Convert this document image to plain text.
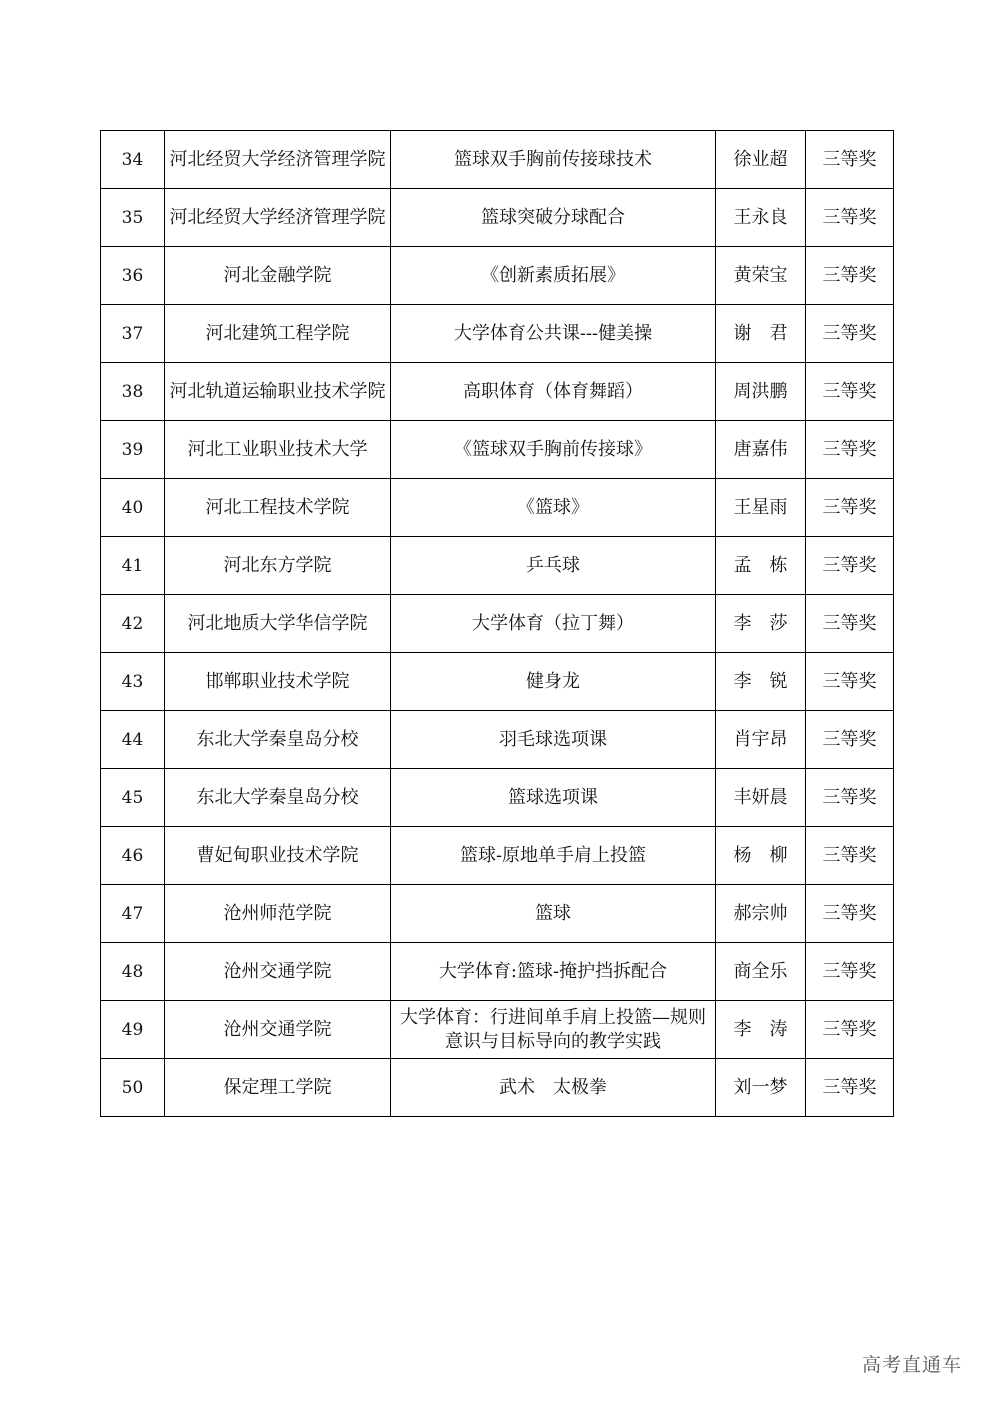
34	河北经贸大学经济管理学院	篮球双手胸前传接球技术	徐业超	三等奖
35	河北经贸大学经济管理学院	篮球突破分球配合	王永良	三等奖
36	河北金融学院	《创新素质拓展》	黄荣宝	三等奖
37	河北建筑工程学院	大学体育公共课---健美操	谢　君	三等奖
38	河北轨道运输职业技术学院	高职体育（体育舞蹈）	周洪鹏	三等奖
39	河北工业职业技术大学	《篮球双手胸前传接球》	唐嘉伟	三等奖
40	河北工程技术学院	《篮球》	王星雨	三等奖
41	河北东方学院	乒乓球	孟　栋	三等奖
42	河北地质大学华信学院	大学体育（拉丁舞）	李　莎	三等奖
43	邯郸职业技术学院	健身龙	李　锐	三等奖
44	东北大学秦皇岛分校	羽毛球选项课	肖宇昂	三等奖
45	东北大学秦皇岛分校	篮球选项课	丰妍晨	三等奖
46	曹妃甸职业技术学院	篮球-原地单手肩上投篮	杨　柳	三等奖
47	沧州师范学院	篮球	郝宗帅	三等奖
48	沧州交通学院	大学体育:篮球-掩护挡拆配合	商全乐	三等奖
49	沧州交通学院	大学体育：行进间单手肩上投篮—规则意识与目标导向的教学实践	李　涛	三等奖
50	保定理工学院	武术　太极拳	刘一梦	三等奖
高考直通车
